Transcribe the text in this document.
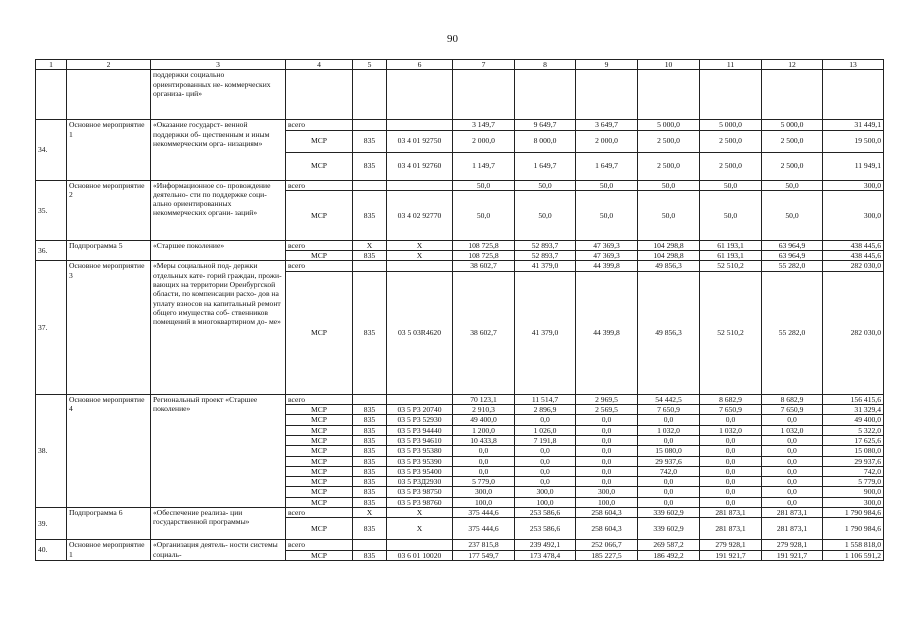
90
1	2	3	4	5	6	7	8	9	10	11	12	13
		поддержки социально ориентированных не- коммерческих организа- ций»										
34.	Основное мероприятие 1	«Оказание государст- венной поддержки об- щественным и иным некоммерческим орга- низациям»	всего			3 149,7	9 649,7	3 649,7	5 000,0	5 000,0	5 000,0	31 449,1
			МСР	835	03 4 01 92750	2 000,0	8 000,0	2 000,0	2 500,0	2 500,0	2 500,0	19 500,0
			МСР	835	03 4 01 92760	1 149,7	1 649,7	1 649,7	2 500,0	2 500,0	2 500,0	11 949,1
35.	Основное мероприятие 2	«Информационное со- провождение деятельно- сти по поддержке соци- ально ориентированных некоммерческих органи- заций»	всего			50,0	50,0	50,0	50,0	50,0	50,0	300,0
			МСР	835	03 4 02 92770	50,0	50,0	50,0	50,0	50,0	50,0	300,0
36.	Подпрограмма 5	«Старшее поколение»	всего	X	X	108 725,8	52 893,7	47 369,3	104 298,8	61 193,1	63 964,9	438 445,6
			МСР	835	X	108 725,8	52 893,7	47 369,3	104 298,8	61 193,1	63 964,9	438 445,6
37.	Основное мероприятие 3	«Меры социальной под- держки отдельных кате- горий граждан, прожи- вающих на территории Оренбургской области, по компенсации расхо- дов на уплату взносов на капитальный ремонт общего имущества соб- ственников помещений в многоквартирном до- ме»	всего			38 602,7	41 379,0	44 399,8	49 856,3	52 510,2	55 282,0	282 030,0
			МСР	835	03 5 03R4620	38 602,7	41 379,0	44 399,8	49 856,3	52 510,2	55 282,0	282 030,0
38.	Основное мероприятие 4	Региональный проект «Старшее поколение»	всего			70 123,1	11 514,7	2 969,5	54 442,5	8 682,9	8 682,9	156 415,6
			МСР	835	03 5 P3 20740	2 910,3	2 896,9	2 569,5	7 650,9	7 650,9	7 650,9	31 329,4
			МСР	835	03 5 P3 52930	49 400,0	0,0	0,0	0,0	0,0	0,0	49 400,0
			МСР	835	03 5 P3 94440	1 200,0	1 026,0	0,0	1 032,0	1 032,0	1 032,0	5 322,0
			МСР	835	03 5 P3 94610	10 433,8	7 191,8	0,0	0,0	0,0	0,0	17 625,6
			МСР	835	03 5 P3 95380	0,0	0,0	0,0	15 080,0	0,0	0,0	15 080,0
			МСР	835	03 5 P3 95390	0,0	0,0	0,0	29 937,6	0,0	0,0	29 937,6
			МСР	835	03 5 P3 95400	0,0	0,0	0,0	742,0	0,0	0,0	742,0
			МСР	835	03 5 P3Д2930	5 779,0	0,0	0,0	0,0	0,0	0,0	5 779,0
			МСР	835	03 5 P3 98750	300,0	300,0	300,0	0,0	0,0	0,0	900,0
			МСР	835	03 5 P3 98760	100,0	100,0	100,0	0,0	0,0	0,0	300,0
39.	Подпрограмма 6	«Обеспечение реализа- ции государственной программы»	всего	X	X	375 444,6	253 586,6	258 604,3	339 602,9	281 873,1	281 873,1	1 790 984,6
			МСР	835	X	375 444,6	253 586,6	258 604,3	339 602,9	281 873,1	281 873,1	1 790 984,6
40.	Основное мероприятие 1	«Организация деятель- ности системы социаль-	всего			237 815,8	239 492,1	252 066,7	269 587,2	279 928,1	279 928,1	1 558 818,0
			МСР	835	03 6 01 10020	177 549,7	173 478,4	185 227,5	186 492,2	191 921,7	191 921,7	1 106 591,2
